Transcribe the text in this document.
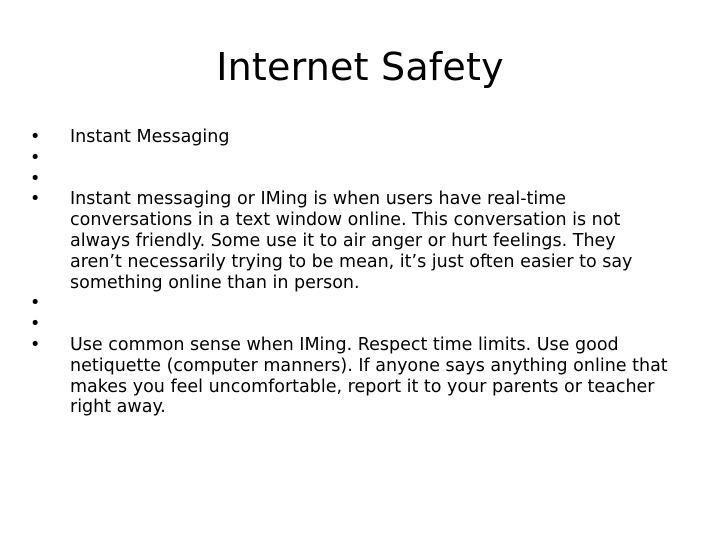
Internet Safety
•	Instant Messaging
•
•
•	Instant messaging or IMing is when users have real-time conversations in a text window online. This conversation is not always friendly. Some use it to air anger or hurt feelings. They aren’t necessarily trying to be mean, it’s just often easier to say something online than in person.
•
•
•	Use common sense when IMing. Respect time limits. Use good netiquette (computer manners). If anyone says anything online that makes you feel uncomfortable, report it to your parents or teacher right away.
